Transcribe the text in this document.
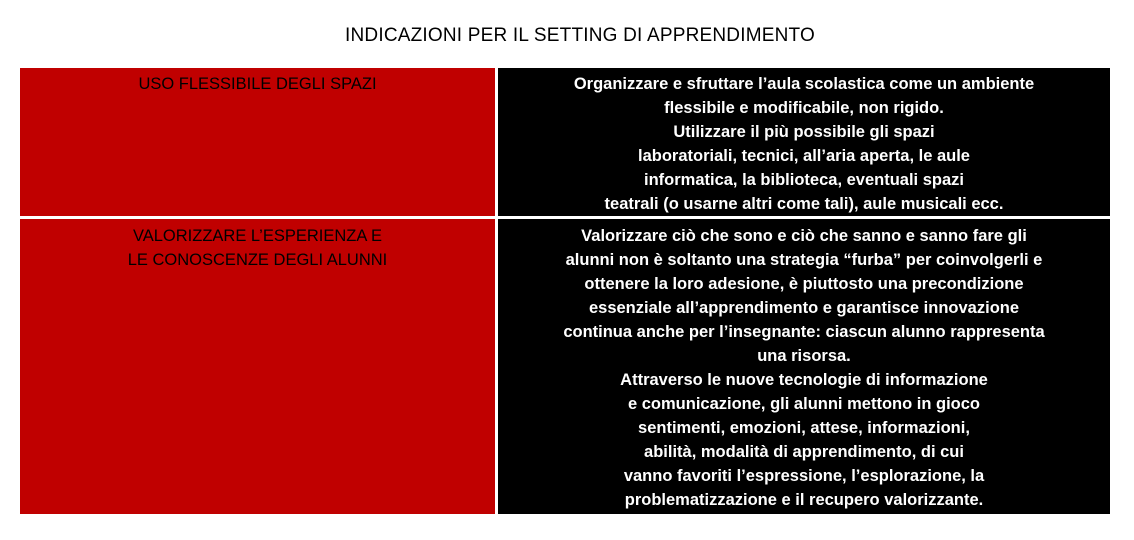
INDICAZIONI PER IL SETTING DI APPRENDIMENTO
USO FLESSIBILE DEGLI SPAZI	Organizzare e sfruttare l’aula scolastica come un ambiente
flessibile e modificabile, non rigido.
Utilizzare il più possibile gli spazi
laboratoriali, tecnici, all’aria aperta, le aule
informatica, la biblioteca, eventuali spazi
teatrali (o usarne altri come tali), aule musicali ecc.
VALORIZZARE L’ESPERIENZA E
LE CONOSCENZE DEGLI ALUNNI
Valorizzare ciò che sono e ciò che sanno e sanno fare gli
alunni non è soltanto una strategia “furba” per coinvolgerli e
ottenere la loro adesione, è piuttosto una precondizione
essenziale all’apprendimento e garantisce innovazione
continua anche per l’insegnante: ciascun alunno rappresenta
una risorsa.
Attraverso le nuove tecnologie di informazione
e comunicazione, gli alunni mettono in gioco
sentimenti, emozioni, attese, informazioni,
abilità, modalità di apprendimento, di cui
vanno favoriti l’espressione, l’esplorazione, la
problematizzazione e il recupero valorizzante.
